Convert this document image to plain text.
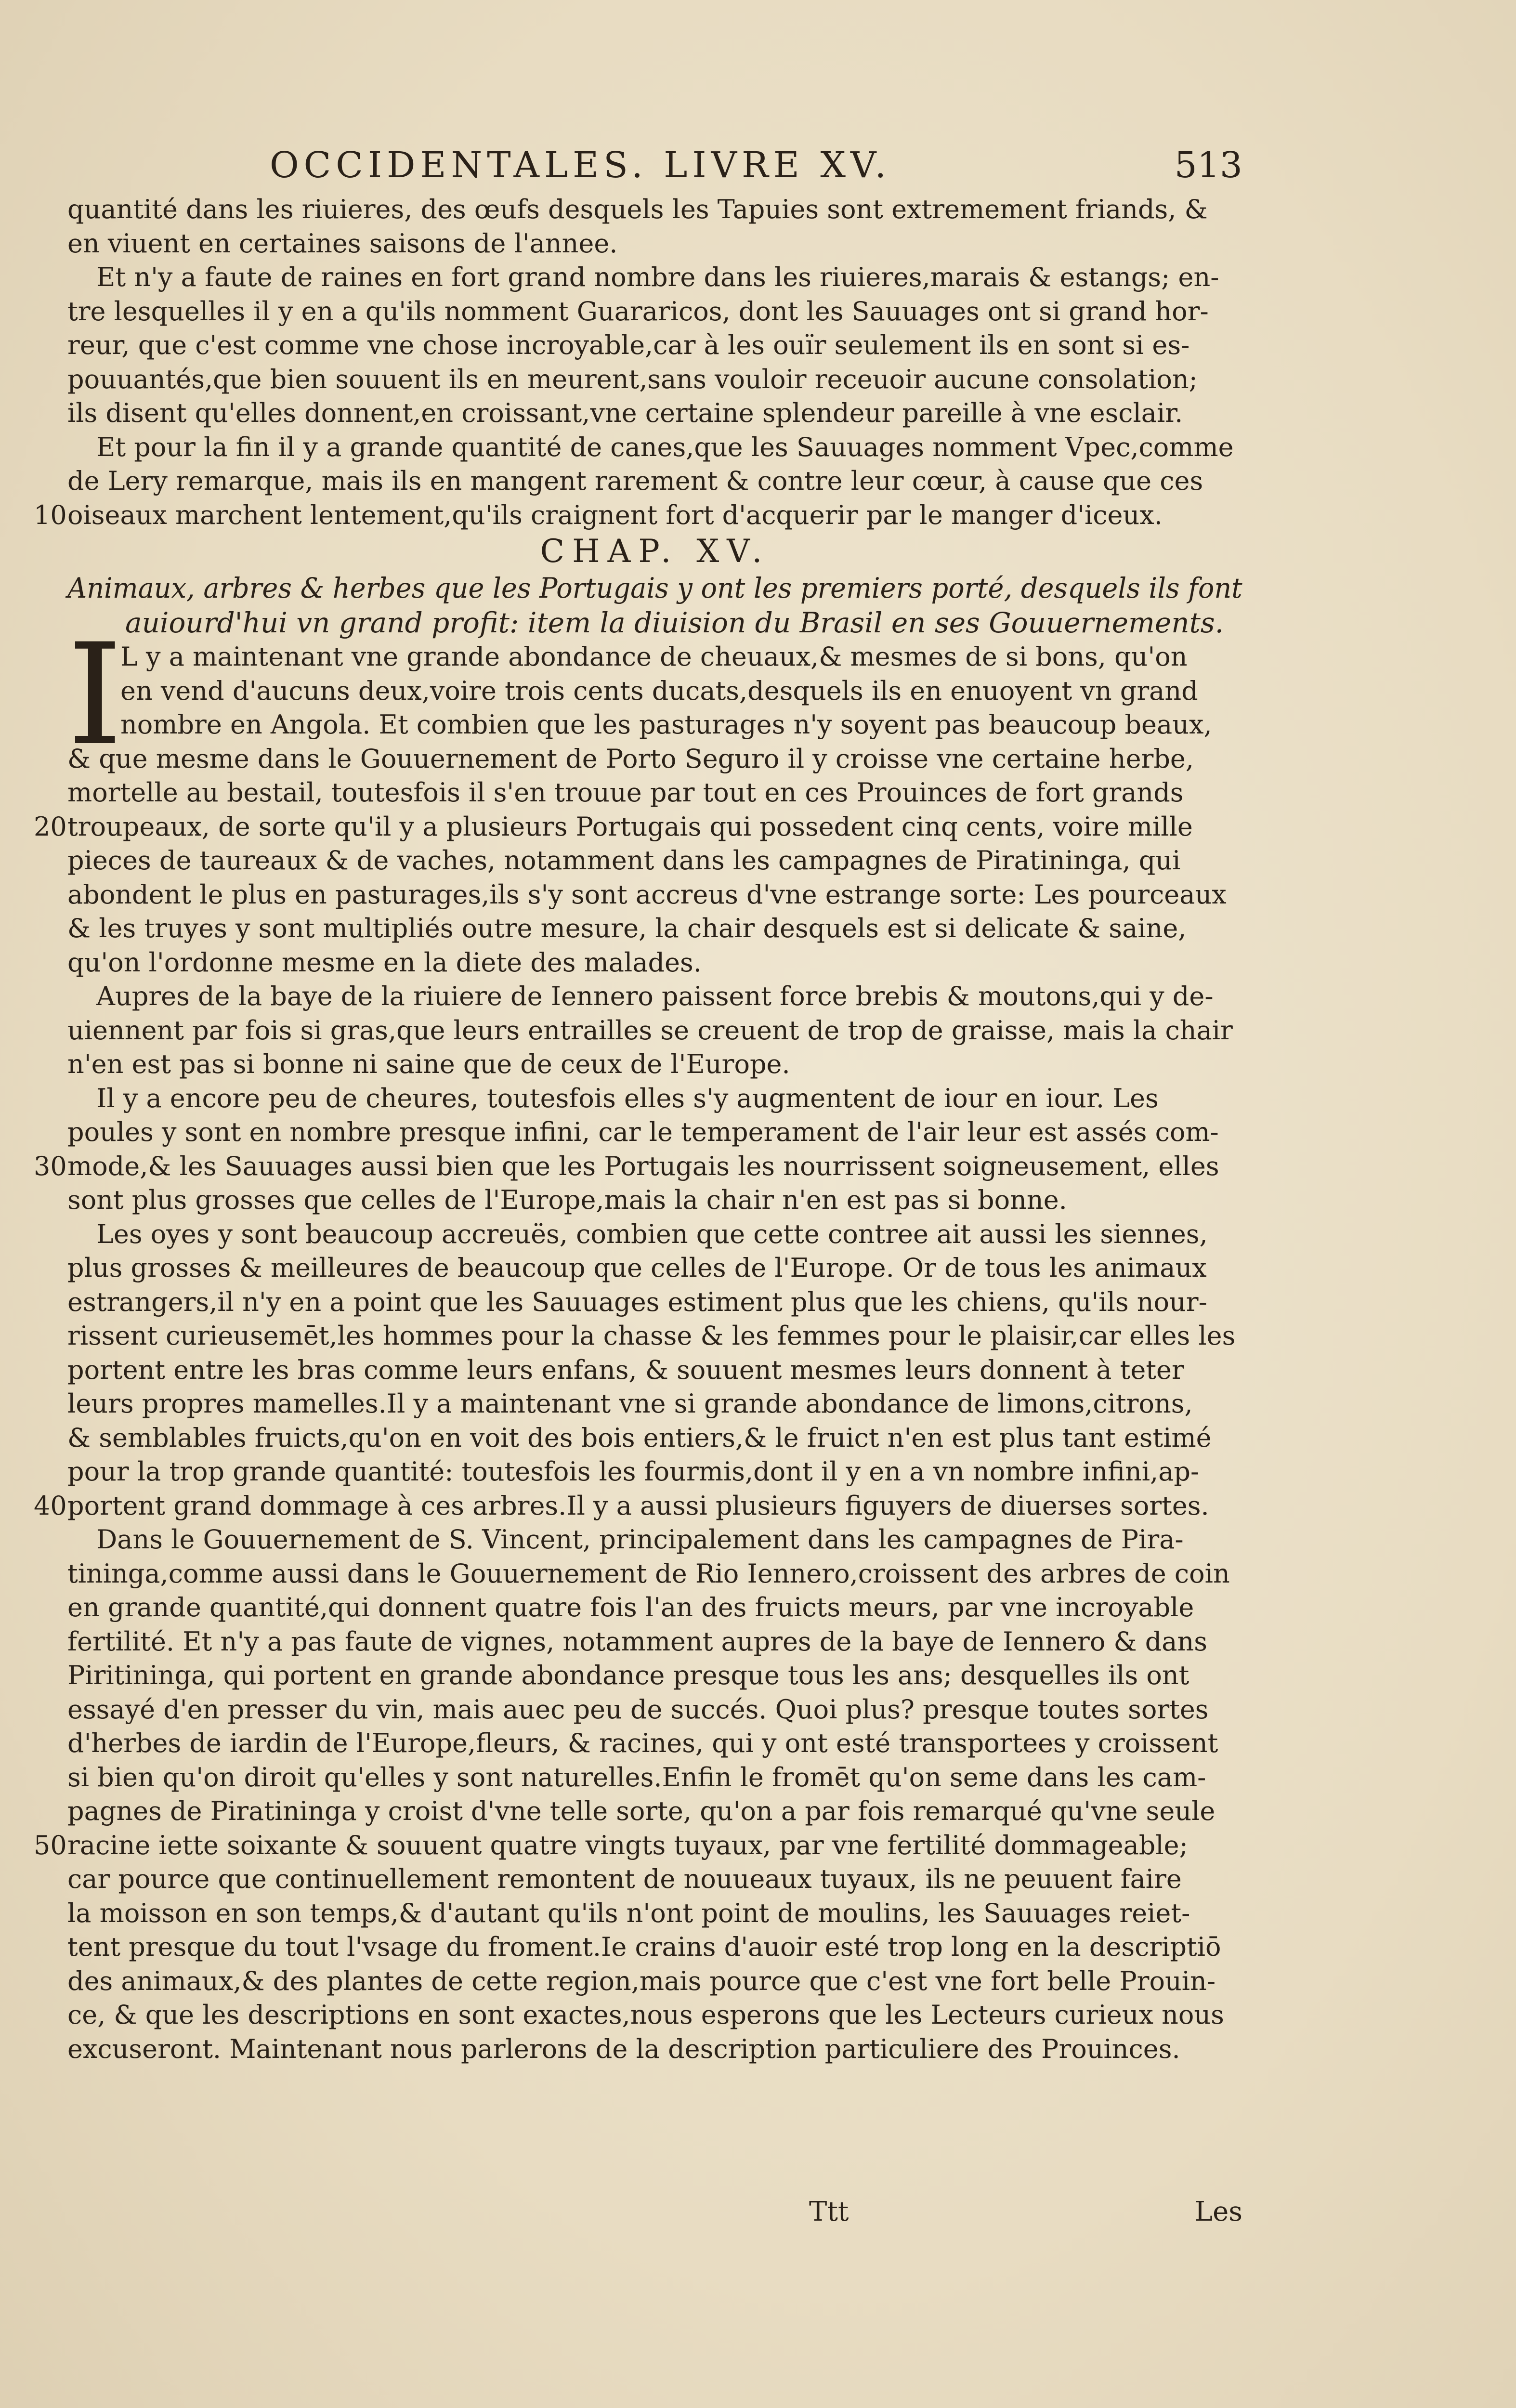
OCCIDENTALES. LIVRE XV.	513
quantité dans les riuieres, des œufs desquels les Tapuies sont extremement friands, &
en viuent en certaines saisons de l'annee.
Et n'y a faute de raines en fort grand nombre dans les riuieres,marais & estangs; en-
tre lesquelles il y en a qu'ils nomment Guararicos, dont les Sauuages ont si grand hor-
reur, que c'est comme vne chose incroyable,car à les ouïr seulement ils en sont si es-
pouuantés,que bien souuent ils en meurent,sans vouloir receuoir aucune consolation;
ils disent qu'elles donnent,en croissant,vne certaine splendeur pareille à vne esclair.
Et pour la fin il y a grande quantité de canes,que les Sauuages nomment Vpec,comme
de Lery remarque, mais ils en mangent rarement & contre leur cœur, à cause que ces
oiseaux marchent lentement,qu'ils craignent fort d'acquerir par le manger d'iceux.
10
CHAP. XV.
Animaux, arbres & herbes que les Portugais y ont les premiers porté, desquels ils font
auiourd'hui vn grand profit: item la diuision du Brasil en ses Gouuernements.
I
L y a maintenant vne grande abondance de cheuaux,& mesmes de si bons, qu'on
en vend d'aucuns deux,voire trois cents ducats,desquels ils en enuoyent vn grand
nombre en Angola. Et combien que les pasturages n'y soyent pas beaucoup beaux,
& que mesme dans le Gouuernement de Porto Seguro il y croisse vne certaine herbe,
mortelle au bestail, toutesfois il s'en trouue par tout en ces Prouinces de fort grands
troupeaux, de sorte qu'il y a plusieurs Portugais qui possedent cinq cents, voire mille
20
pieces de taureaux & de vaches, notamment dans les campagnes de Piratininga, qui
abondent le plus en pasturages,ils s'y sont accreus d'vne estrange sorte: Les pourceaux
& les truyes y sont multipliés outre mesure, la chair desquels est si delicate & saine,
qu'on l'ordonne mesme en la diete des malades.
Aupres de la baye de la riuiere de Iennero paissent force brebis & moutons,qui y de-
uiennent par fois si gras,que leurs entrailles se creuent de trop de graisse, mais la chair
n'en est pas si bonne ni saine que de ceux de l'Europe.
Il y a encore peu de cheures, toutesfois elles s'y augmentent de iour en iour. Les
poules y sont en nombre presque infini, car le temperament de l'air leur est assés com-
mode,& les Sauuages aussi bien que les Portugais les nourrissent soigneusement, elles
30
sont plus grosses que celles de l'Europe,mais la chair n'en est pas si bonne.
Les oyes y sont beaucoup accreuës, combien que cette contree ait aussi les siennes,
plus grosses & meilleures de beaucoup que celles de l'Europe. Or de tous les animaux
estrangers,il n'y en a point que les Sauuages estiment plus que les chiens, qu'ils nour-
rissent curieusemēt,les hommes pour la chasse & les femmes pour le plaisir,car elles les
portent entre les bras comme leurs enfans, & souuent mesmes leurs donnent à teter
leurs propres mamelles.Il y a maintenant vne si grande abondance de limons,citrons,
& semblables fruicts,qu'on en voit des bois entiers,& le fruict n'en est plus tant estimé
pour la trop grande quantité: toutesfois les fourmis,dont il y en a vn nombre infini,ap-
portent grand dommage à ces arbres.Il y a aussi plusieurs figuyers de diuerses sortes.
40
Dans le Gouuernement de S. Vincent, principalement dans les campagnes de Pira-
tininga,comme aussi dans le Gouuernement de Rio Iennero,croissent des arbres de coin
en grande quantité,qui donnent quatre fois l'an des fruicts meurs, par vne incroyable
fertilité. Et n'y a pas faute de vignes, notamment aupres de la baye de Iennero & dans
Piritininga, qui portent en grande abondance presque tous les ans; desquelles ils ont
essayé d'en presser du vin, mais auec peu de succés. Quoi plus? presque toutes sortes
d'herbes de iardin de l'Europe,fleurs, & racines, qui y ont esté transportees y croissent
si bien qu'on diroit qu'elles y sont naturelles.Enfin le fromēt qu'on seme dans les cam-
pagnes de Piratininga y croist d'vne telle sorte, qu'on a par fois remarqué qu'vne seule
racine iette soixante & souuent quatre vingts tuyaux, par vne fertilité dommageable;
50
car pource que continuellement remontent de nouueaux tuyaux, ils ne peuuent faire
la moisson en son temps,& d'autant qu'ils n'ont point de moulins, les Sauuages reiet-
tent presque du tout l'vsage du froment.Ie crains d'auoir esté trop long en la descriptiō
des animaux,& des plantes de cette region,mais pource que c'est vne fort belle Prouin-
ce, & que les descriptions en sont exactes,nous esperons que les Lecteurs curieux nous
excuseront. Maintenant nous parlerons de la description particuliere des Prouinces.
Ttt	Les
